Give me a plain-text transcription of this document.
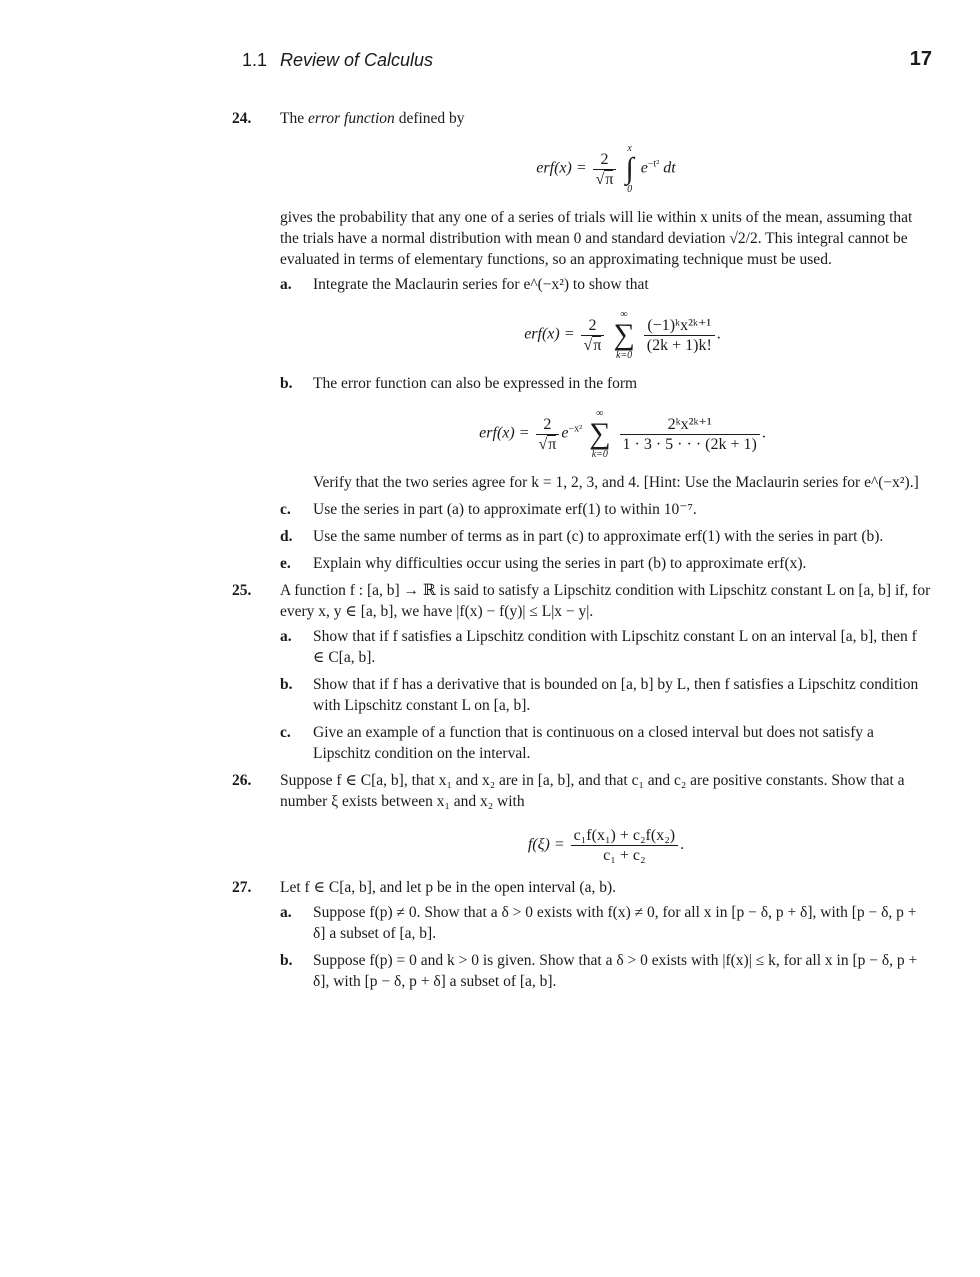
1.1 Review of Calculus	17
24. The error function defined by

$erf(x) = \frac{2}{√\pi}$

x
∫
0
$e^{-t^2}$ dt

gives the probability that any one of a series of trials will lie within x units of the mean, assuming that the trials have a normal distribution with mean 0 and standard deviation √2/2. This integral cannot be evaluated in terms of elementary functions, so an approximating technique must be used.

a. Integrate the Maclaurin series for e^(−x²) to show that
$erf(x) = \frac{2}{√\pi}$

∞
∑
k=0

$\frac{\text{(−1)ᵏx²ᵏ⁺¹}}{(2k + 1)k!}$ .
b. The error function can also be expressed in the form
$erf(x) = \frac{2}{√\pi} e^{-x^2}$
∞
∑
k=0

$\frac{\text{2ᵏx²ᵏ⁺¹}}{1 \cdot 3 \cdot 5 \cdot \cdot \cdot (2k + 1)}$ .

Verify that the two series agree for k = 1, 2, 3, and 4. [Hint: Use the Maclaurin series for e^(−x²).]

c. Use the series in part (a) to approximate erf(1) to within 10⁻⁷.
d. Use the same number of terms as in part (c) to approximate erf(1) with the series in part (b).
e. Explain why difficulties occur using the series in part (b) to approximate erf(x).
25. A function f : [a, b] → ℝ is said to satisfy a Lipschitz condition with Lipschitz constant L on [a, b] if, for every x, y ∈ [a, b], we have |f(x) − f(y)| ≤ L|x − y|.

a. Show that if f satisfies a Lipschitz condition with Lipschitz constant L on an interval [a, b], then f ∈ C[a, b].
b. Show that if f has a derivative that is bounded on [a, b] by L, then f satisfies a Lipschitz condition with Lipschitz constant L on [a, b].
c. Give an example of a function that is continuous on a closed interval but does not satisfy a Lipschitz condition on the interval.
26. Suppose f ∈ C[a, b], that x₁ and x₂ are in [a, b], and that c₁ and c₂ are positive constants. Show that a number ξ exists between x₁ and x₂ with

$f(\xi) = \frac{\text{c₁f(x₁) + c₂f(x₂)}}{\text{c₁ + c₂}}$ .
27. Let f ∈ C[a, b], and let p be in the open interval (a, b).

a. Suppose f(p) ≠ 0. Show that a δ > 0 exists with f(x) ≠ 0, for all x in [p − δ, p + δ], with [p − δ, p + δ] a subset of [a, b].
b. Suppose f(p) = 0 and k > 0 is given. Show that a δ > 0 exists with |f(x)| ≤ k, for all x in [p − δ, p + δ], with [p − δ, p + δ] a subset of [a, b].
